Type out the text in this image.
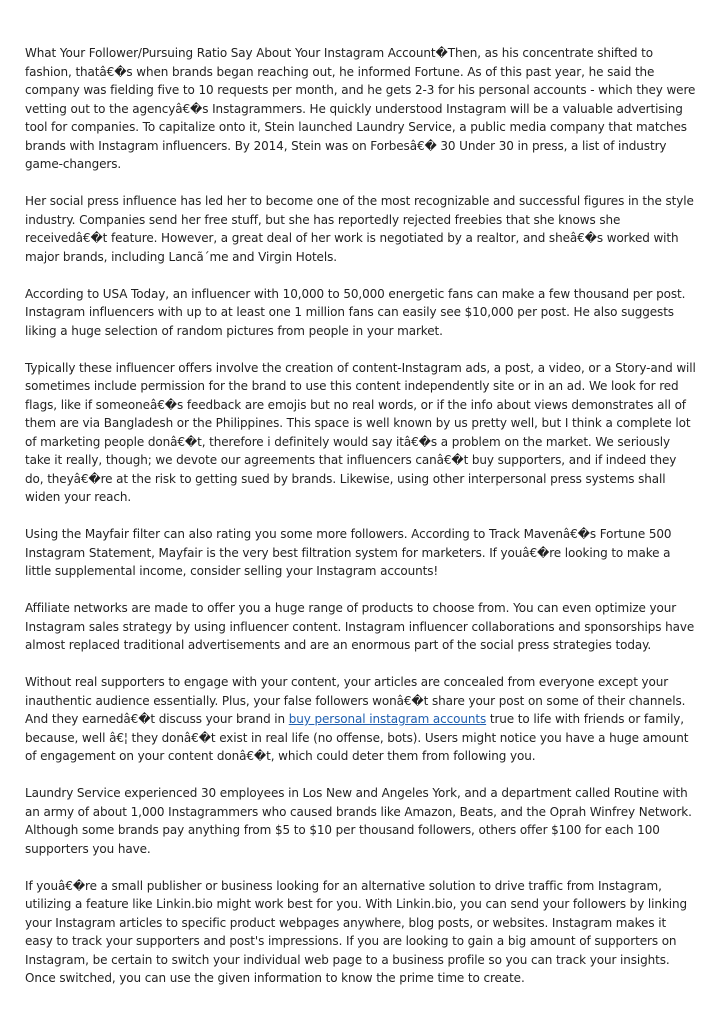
What Your Follower/Pursuing Ratio Say About Your Instagram Account�Then, as his concentrate shifted to fashion, thatâ€�s when brands began reaching out, he informed Fortune. As of this past year, he said the company was fielding five to 10 requests per month, and he gets 2-3 for his personal accounts - which they were vetting out to the agencyâ€�s Instagrammers. He quickly understood Instagram will be a valuable advertising tool for companies. To capitalize onto it, Stein launched Laundry Service, a public media company that matches brands with Instagram influencers. By 2014, Stein was on Forbesâ€� 30 Under 30 in press, a list of industry game-changers.

Her social press influence has led her to become one of the most recognizable and successful figures in the style industry. Companies send her free stuff, but she has reportedly rejected freebies that she knows she receivedâ€�t feature. However, a great deal of her work is negotiated by a realtor, and sheâ€�s worked with major brands, including Lancã´me and Virgin Hotels.

According to USA Today, an influencer with 10,000 to 50,000 energetic fans can make a few thousand per post. Instagram influencers with up to at least one 1 million fans can easily see $10,000 per post. He also suggests liking a huge selection of random pictures from people in your market.

Typically these influencer offers involve the creation of content-Instagram ads, a post, a video, or a Story-and will sometimes include permission for the brand to use this content independently site or in an ad. We look for red flags, like if someoneâ€�s feedback are emojis but no real words, or if the info about views demonstrates all of them are via Bangladesh or the Philippines. This space is well known by us pretty well, but I think a complete lot of marketing people donâ€�t, therefore i definitely would say itâ€�s a problem on the market. We seriously take it really, though; we devote our agreements that influencers canâ€�t buy supporters, and if indeed they do, theyâ€�re at the risk to getting sued by brands. Likewise, using other interpersonal press systems shall widen your reach.

Using the Mayfair filter can also rating you some more followers. According to Track Mavenâ€�s Fortune 500 Instagram Statement, Mayfair is the very best filtration system for marketers. If youâ€�re looking to make a little supplemental income, consider selling your Instagram accounts!

Affiliate networks are made to offer you a huge range of products to choose from. You can even optimize your Instagram sales strategy by using influencer content. Instagram influencer collaborations and sponsorships have almost replaced traditional advertisements and are an enormous part of the social press strategies today.

Without real supporters to engage with your content, your articles are concealed from everyone except your inauthentic audience essentially. Plus, your false followers wonâ€�t share your post on some of their channels. And they earnedâ€�t discuss your brand in buy personal instagram accounts true to life with friends or family, because, well â€¦ they donâ€�t exist in real life (no offense, bots). Users might notice you have a huge amount of engagement on your content donâ€�t, which could deter them from following you.

Laundry Service experienced 30 employees in Los New and Angeles York, and a department called Routine with an army of about 1,000 Instagrammers who caused brands like Amazon, Beats, and the Oprah Winfrey Network. Although some brands pay anything from $5 to $10 per thousand followers, others offer $100 for each 100 supporters you have.

If youâ€�re a small publisher or business looking for an alternative solution to drive traffic from Instagram, utilizing a feature like Linkin.bio might work best for you. With Linkin.bio, you can send your followers by linking your Instagram articles to specific product webpages anywhere, blog posts, or websites. Instagram makes it easy to track your supporters and post's impressions. If you are looking to gain a big amount of supporters on Instagram, be certain to switch your individual web page to a business profile so you can track your insights. Once switched, you can use the given information to know the prime time to create.
